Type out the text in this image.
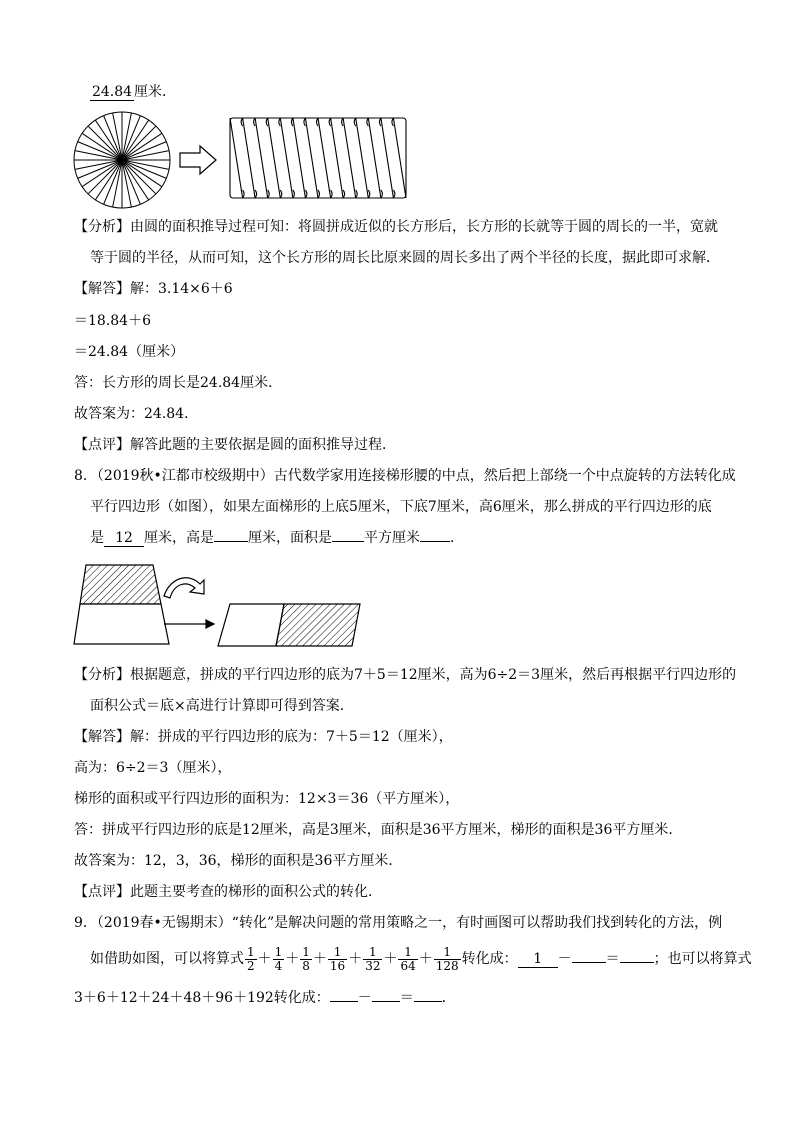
24.84 厘米．
【分析】由圆的面积推导过程可知：将圆拼成近似的长方形后，长方形的长就等于圆的周长的一半，宽就
等于圆的半径，从而可知，这个长方形的周长比原来圆的周长多出了两个半径的长度，据此即可求解．
【解答】解：3.14×6＋6
＝18.84＋6
＝24.84（厘米）
答：长方形的周长是24.84厘米．
故答案为：24.84．
【点评】解答此题的主要依据是圆的面积推导过程．
8．（2019秋•江都市校级期中）古代数学家用连接梯形腰的中点，然后把上部绕一个中点旋转的方法转化成
平行四边形（如图），如果左面梯形的上底5厘米，下底7厘米，高6厘米，那么拼成的平行四边形的底
是 12 厘米，高是 厘米，面积是 平方厘米 ．
【分析】根据题意，拼成的平行四边形的底为7＋5＝12厘米，高为6÷2＝3厘米，然后再根据平行四边形的
面积公式＝底×高进行计算即可得到答案．
【解答】解：拼成的平行四边形的底为：7＋5＝12（厘米），
高为：6÷2＝3（厘米），
梯形的面积或平行四边形的面积为：12×3＝36（平方厘米），
答：拼成平行四边形的底是12厘米，高是3厘米，面积是36平方厘米，梯形的面积是36平方厘米．
故答案为：12，3，36，梯形的面积是36平方厘米．
【点评】此题主要考查的梯形的面积公式的转化．
9．（2019春•无锡期末）“转化”是解决问题的常用策略之一，有时画图可以帮助我们找到转化的方法，例
如借助如图，可以将算式 $\frac{1}{2} + \frac{1}{4} + \frac{1}{8} + \frac{1}{16} + \frac{1}{32} + \frac{1}{64} + \frac{1}{128}$ 转化成： 1 － ＝ ；也可以将算式
3＋6＋12＋24＋48＋96＋192转化成： － ＝ ．
